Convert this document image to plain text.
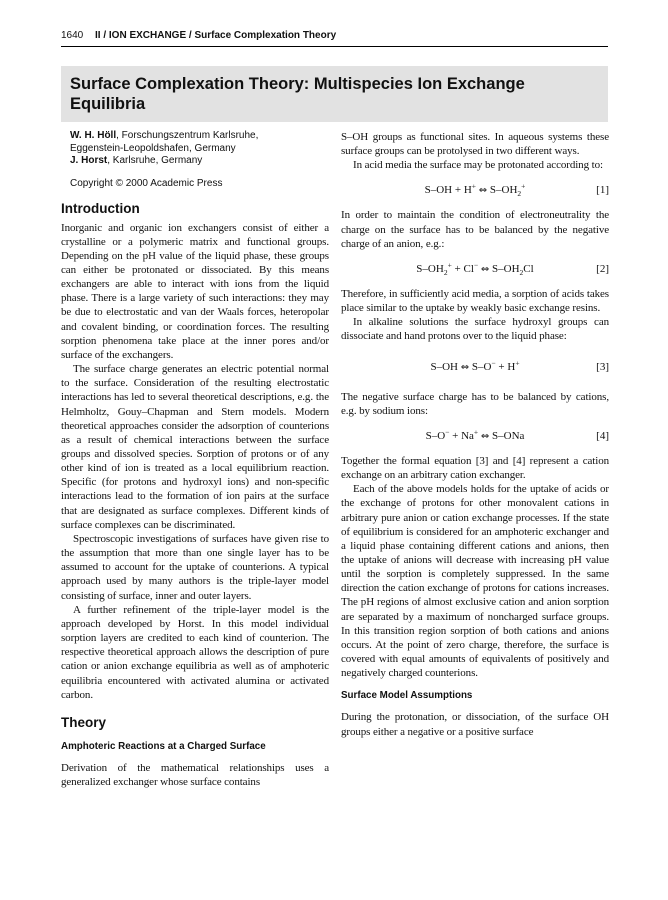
1640 II / ION EXCHANGE / Surface Complexation Theory
Surface Complexation Theory: Multispecies Ion Exchange Equilibria
W. H. Höll, Forschungszentrum Karlsruhe,
Eggenstein-Leopoldshafen, Germany
J. Horst, Karlsruhe, Germany
Copyright © 2000 Academic Press
Introduction

Inorganic and organic ion exchangers consist of either a crystalline or a polymeric matrix and functional groups. Depending on the pH value of the liquid phase, these groups can either be protonated or dissociated. By this means exchangers are able to interact with ions from the liquid phase. There is a large variety of such interactions: they may be due to electrostatic and van der Waals forces, heteropolar and covalent binding, or coordination forces. The resulting sorption phenomena take place at the inner pores and/or surface of the exchangers.

The surface charge generates an electric potential normal to the surface. Consideration of the resulting electrostatic interactions has led to several theoretical descriptions, e.g. the Helmholtz, Gouy–Chapman and Stern models. Modern theoretical approaches consider the adsorption of counterions as a result of chemical interactions between the surface groups and dissolved species. Sorption of protons or of any other kind of ion is treated as a local equilibrium reaction. Specific (for protons and hydroxyl ions) and non-specific interactions lead to the formation of ion pairs at the surface that are designated as surface complexes. Different kinds of surface complexes can be discriminated.

Spectroscopic investigations of surfaces have given rise to the assumption that more than one single layer has to be assumed to account for the uptake of counterions. A typical approach used by many authors is the triple-layer model consisting of surface, inner and outer layers.

A further refinement of the triple-layer model is the approach developed by Horst. In this model individual sorption layers are credited to each kind of counterion. The respective theoretical approach allows the description of pure cation or anion exchange equilibria as well as of amphoteric equilibria encountered with activated alumina or activated carbon.

Theory
Amphoteric Reactions at a Charged Surface

Derivation of the mathematical relationships uses a generalized exchanger whose surface contains

S–OH groups as functional sites. In aqueous systems these surface groups can be protolysed in two different ways.

In acid media the surface may be protonated according to:

S–OH + H+ ⇔ $S-OH_2^+$	[1]

In order to maintain the condition of electroneutrality the charge on the surface has to be balanced by the negative charge of an anion, e.g.:

$S-OH_2^+ + Cl^-$ ⇔ $S-OH_2Cl$	[2]

Therefore, in sufficiently acid media, a sorption of acids takes place similar to the uptake by weakly basic exchange resins.

In alkaline solutions the surface hydroxyl groups can dissociate and hand protons over to the liquid phase:

S–OH ⇔ S–O− + H+	[3]

The negative surface charge has to be balanced by cations, e.g. by sodium ions:

S–O− + Na+ ⇔ S–ONa	[4]

Together the formal equation [3] and [4] represent a cation exchange on an arbitrary cation exchanger.

Each of the above models holds for the uptake of acids or the exchange of protons for other monovalent cations in arbitrary pure anion or cation exchange processes. If the state of equilibrium is considered for an amphoteric exchanger and a liquid phase containing different cations and anions, then the uptake of anions will decrease with increasing pH value until the sorption is completely suppressed. In the same direction the cation exchange of protons for cations increases. The pH regions of almost exclusive cation and anion sorption are separated by a maximum of noncharged surface groups. In this transition region sorption of both cations and anions occurs. At the point of zero charge, therefore, the surface is covered with equal amounts of equivalents of positively and negatively charged counterions.

Surface Model Assumptions

During the protonation, or dissociation, of the surface OH groups either a negative or a positive surface
